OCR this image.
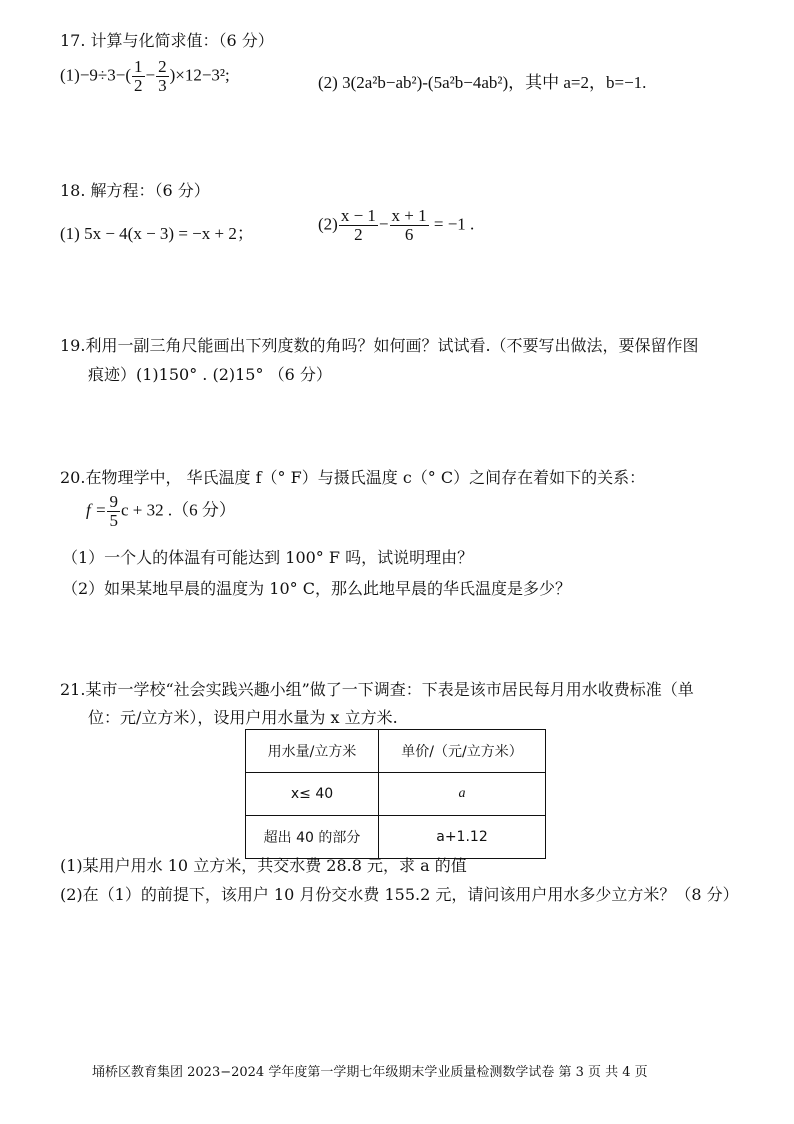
17. 计算与化简求值：（6 分）
$(1)-9\div 3-( \frac{1}{2} - \frac{2}{3} )\times 12-3^2$;	(2) 3(2a²b−ab²)-(5a²b−4ab²)，其中 a=2，b=−1.
18. 解方程：（6 分）
(1) 5x − 4(x − 3) = −x + 2；
$(2) \frac{x - 1}{2} - \frac{x + 1}{6} = -1$ .
19.利用一副三角尺能画出下列度数的角吗？如何画？试试看.（不要写出做法，要保留作图
痕迹）(1)150° . (2)15° （6 分）
20.在物理学中， 华氏温度 f（° F）与摄氏温度 c（° C）之间存在着如下的关系：
$f = \frac{9}{5}$ c + 32 .（6 分）
（1）一个人的体温有可能达到 100° F 吗，试说明理由？
（2）如果某地早晨的温度为 10° C，那么此地早晨的华氏温度是多少？
21.某市一学校“社会实践兴趣小组”做了一下调查：下表是该市居民每月用水收费标准（单
位：元/立方米），设用户用水量为 x 立方米.
用水量/立方米	单价/（元/立方米）
x≤ 40	a
超出 40 的部分	a+1.12
(1)某用户用水 10 立方米，共交水费 28.8 元，求 a 的值
(2)在（1）的前提下，该用户 10 月份交水费 155.2 元，请问该用户用水多少立方米？（8 分）
埇桥区教育集团 2023−2024 学年度第一学期七年级期末学业质量检测数学试卷 第 3 页 共 4 页
